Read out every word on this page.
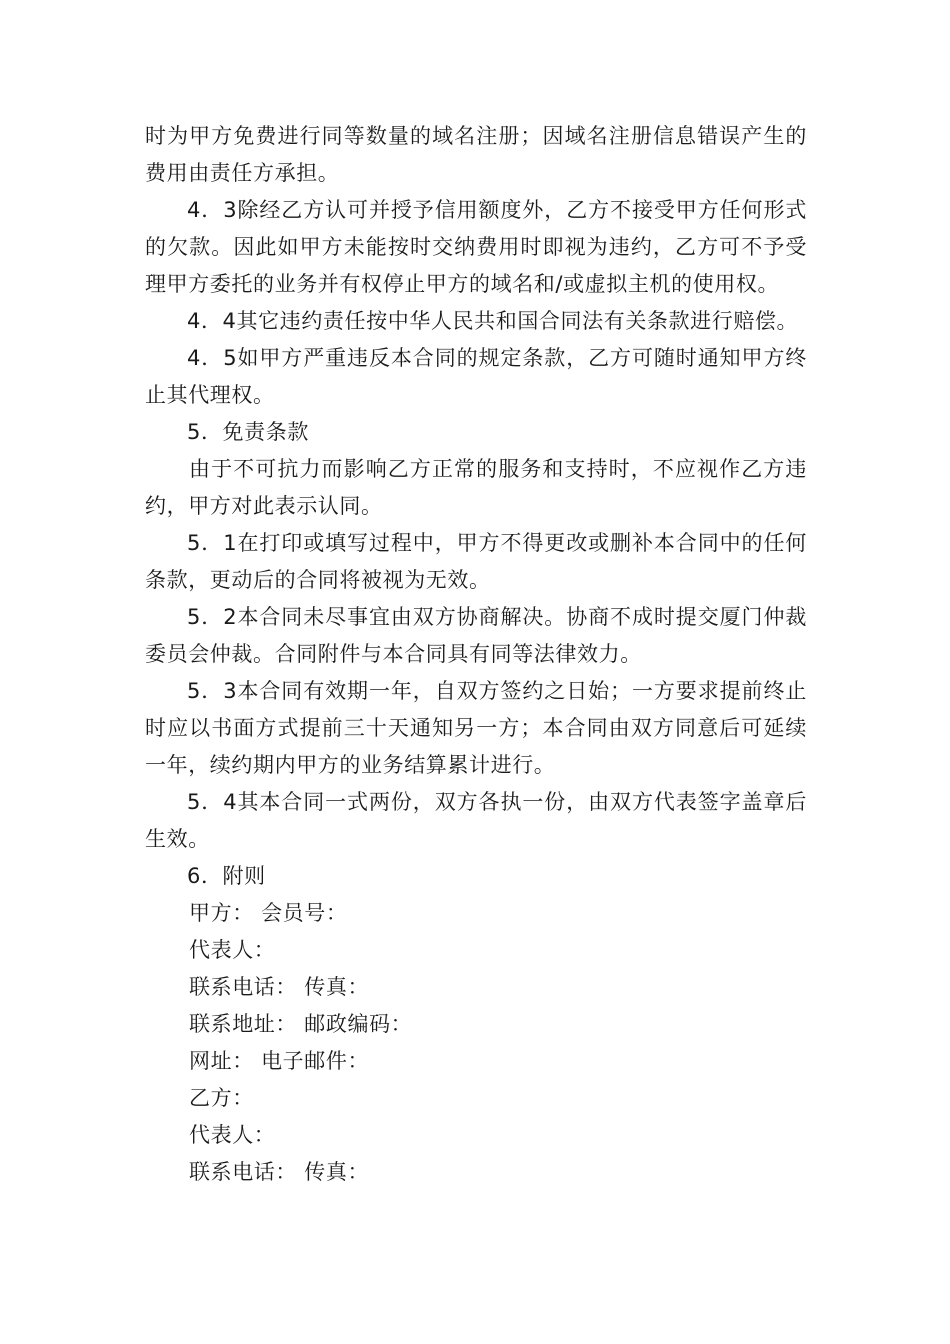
时为甲方免费进行同等数量的域名注册；因域名注册信息错误产生的费用由责任方承担。

4．3除经乙方认可并授予信用额度外，乙方不接受甲方任何形式的欠款。因此如甲方未能按时交纳费用时即视为违约，乙方可不予受理甲方委托的业务并有权停止甲方的域名和/或虚拟主机的使用权。

4．4其它违约责任按中华人民共和国合同法有关条款进行赔偿。

4．5如甲方严重违反本合同的规定条款，乙方可随时通知甲方终止其代理权。

5．免责条款

由于不可抗力而影响乙方正常的服务和支持时，不应视作乙方违约，甲方对此表示认同。

5．1在打印或填写过程中，甲方不得更改或删补本合同中的任何条款，更动后的合同将被视为无效。

5．2本合同未尽事宜由双方协商解决。协商不成时提交厦门仲裁委员会仲裁。合同附件与本合同具有同等法律效力。

5．3本合同有效期一年，自双方签约之日始；一方要求提前终止时应以书面方式提前三十天通知另一方；本合同由双方同意后可延续一年，续约期内甲方的业务结算累计进行。

5．4其本合同一式两份，双方各执一份，由双方代表签字盖章后生效。

6．附则

甲方： 会员号：

代表人：

联系电话： 传真：

联系地址： 邮政编码：

网址： 电子邮件：

乙方：

代表人：

联系电话： 传真：
